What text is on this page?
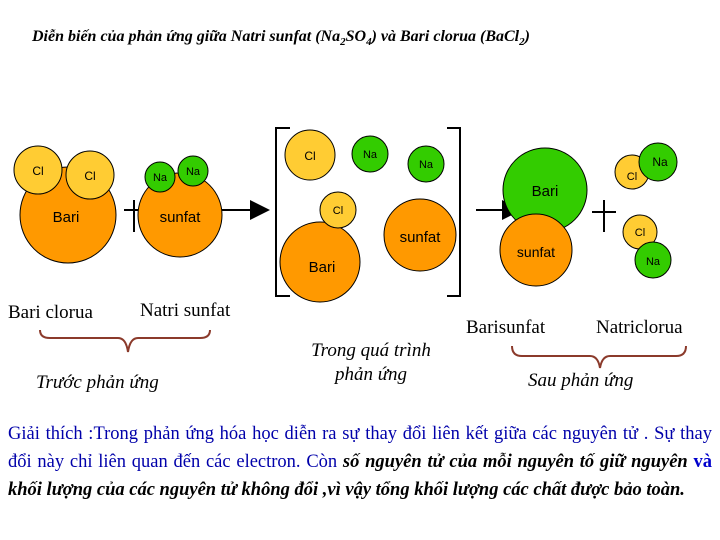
Diễn biến của phản ứng giữa Natri sunfat $(Na_2SO_4)$ và Bari clorua (BaCl$_2$)
Cl	Cl
Bari
Na Na
sunfat
Cl
Cl
Na
Na
Bari
sunfat
Bari
sunfat
Cl
Na
Cl
Na
Bari clorua Natri sunfat
Trước phản ứng
Trong quá trình
phản ứng
Barisunfat	Natriclorua
Sau phản ứng
Giải thích :Trong phản ứng hóa học diễn ra sự thay đổi liên kết giữa các nguyên tử . Sự thay đổi này chỉ liên quan đến các electron. Còn số nguyên tử của mỗi nguyên tố giữ nguyên và khối lượng của các nguyên tử không đổi ,vì vậy tổng khối lượng các chất được bảo toàn.
